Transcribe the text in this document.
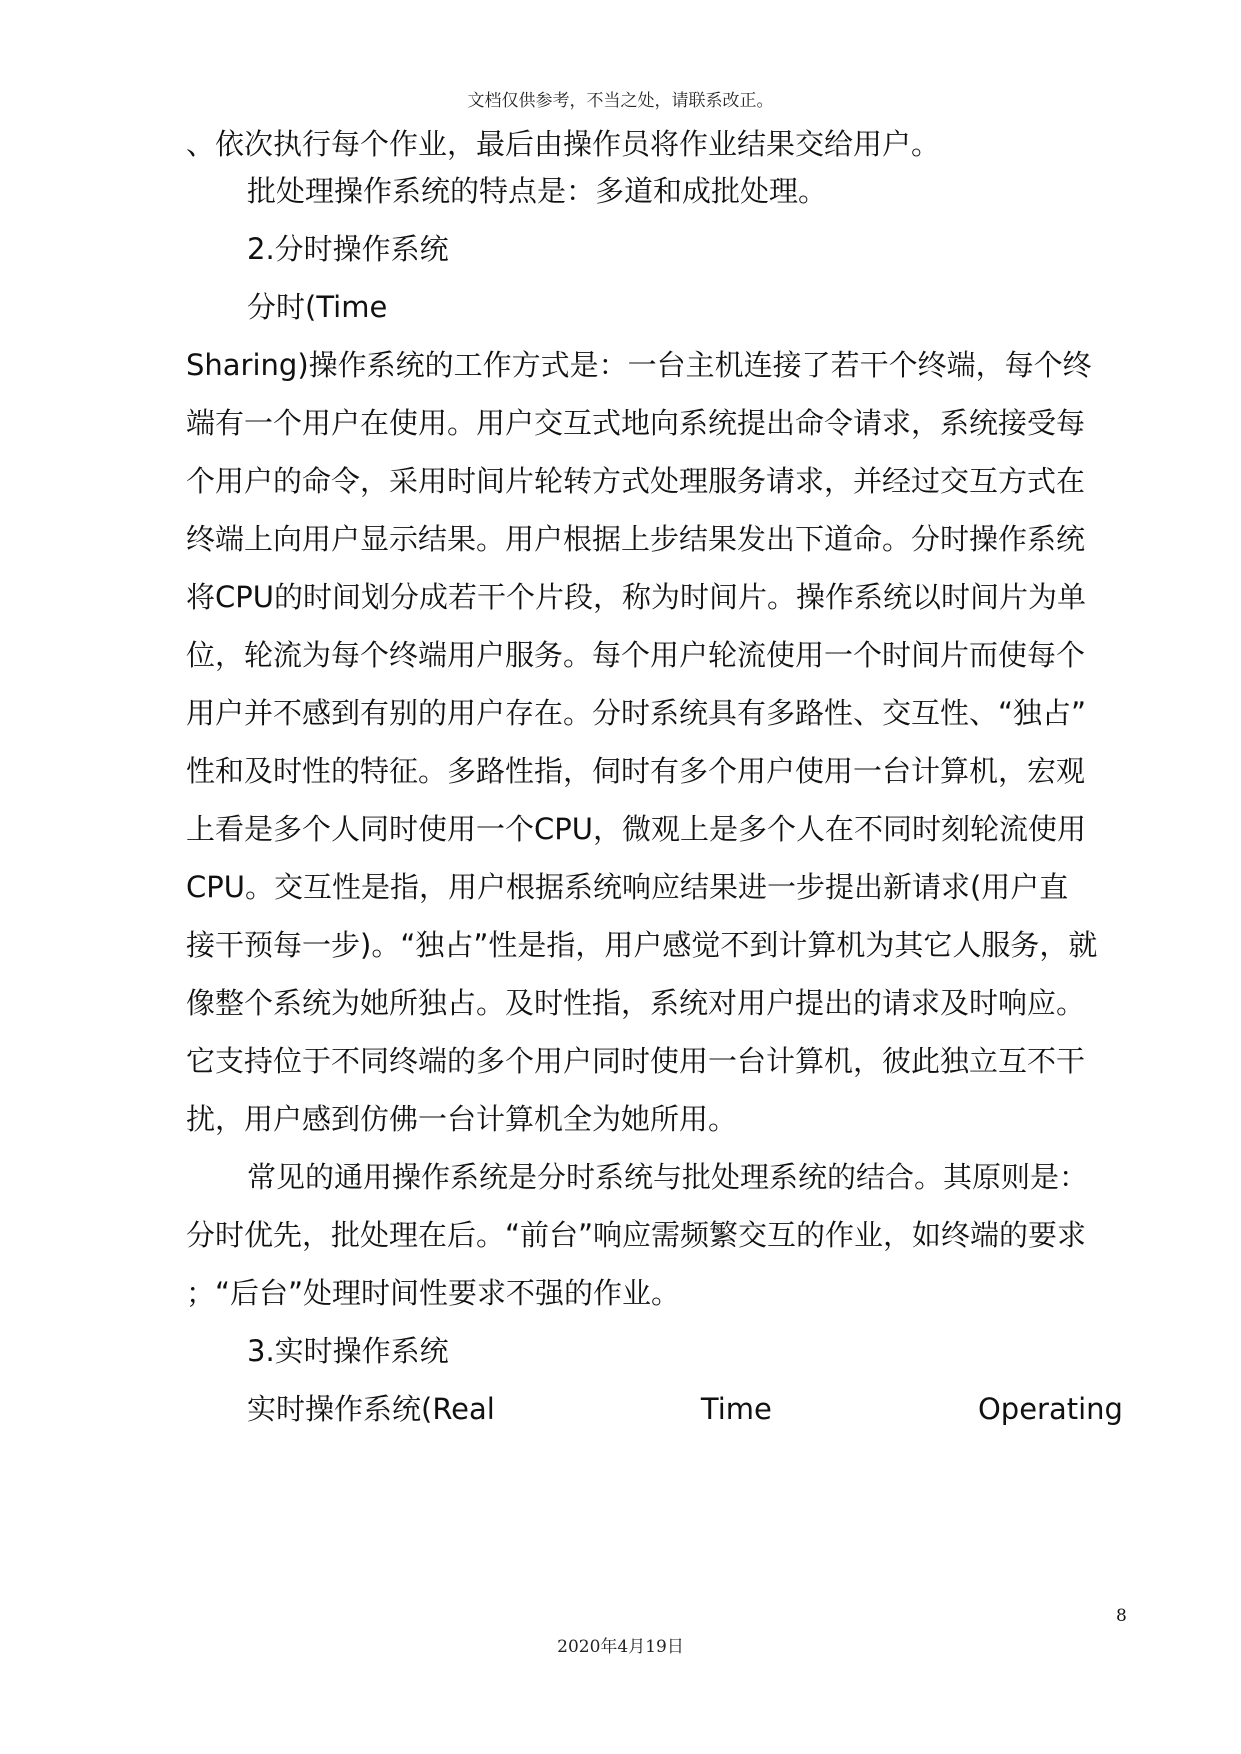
文档仅供参考，不当之处，请联系改正。
、依次执行每个作业，最后由操作员将作业结果交给用户。
批处理操作系统的特点是：多道和成批处理。
2.分时操作系统
分时(Time
Sharing)操作系统的工作方式是：一台主机连接了若干个终端，每个终
端有一个用户在使用。用户交互式地向系统提出命令请求，系统接受每
个用户的命令，采用时间片轮转方式处理服务请求，并经过交互方式在
终端上向用户显示结果。用户根据上步结果发出下道命。分时操作系统
将CPU的时间划分成若干个片段，称为时间片。操作系统以时间片为单
位，轮流为每个终端用户服务。每个用户轮流使用一个时间片而使每个
用户并不感到有别的用户存在。分时系统具有多路性、交互性、“独占”
性和及时性的特征。多路性指，伺时有多个用户使用一台计算机，宏观
上看是多个人同时使用一个CPU，微观上是多个人在不同时刻轮流使用
CPU。交互性是指，用户根据系统响应结果进一步提出新请求(用户直
接干预每一步)。“独占”性是指，用户感觉不到计算机为其它人服务，就
像整个系统为她所独占。及时性指，系统对用户提出的请求及时响应。
它支持位于不同终端的多个用户同时使用一台计算机，彼此独立互不干
扰，用户感到仿佛一台计算机全为她所用。
常见的通用操作系统是分时系统与批处理系统的结合。其原则是：
分时优先，批处理在后。“前台”响应需频繁交互的作业，如终端的要求
；“后台”处理时间性要求不强的作业。
3.实时操作系统
实时操作系统(Real	Time	Operating
8
2020年4月19日
